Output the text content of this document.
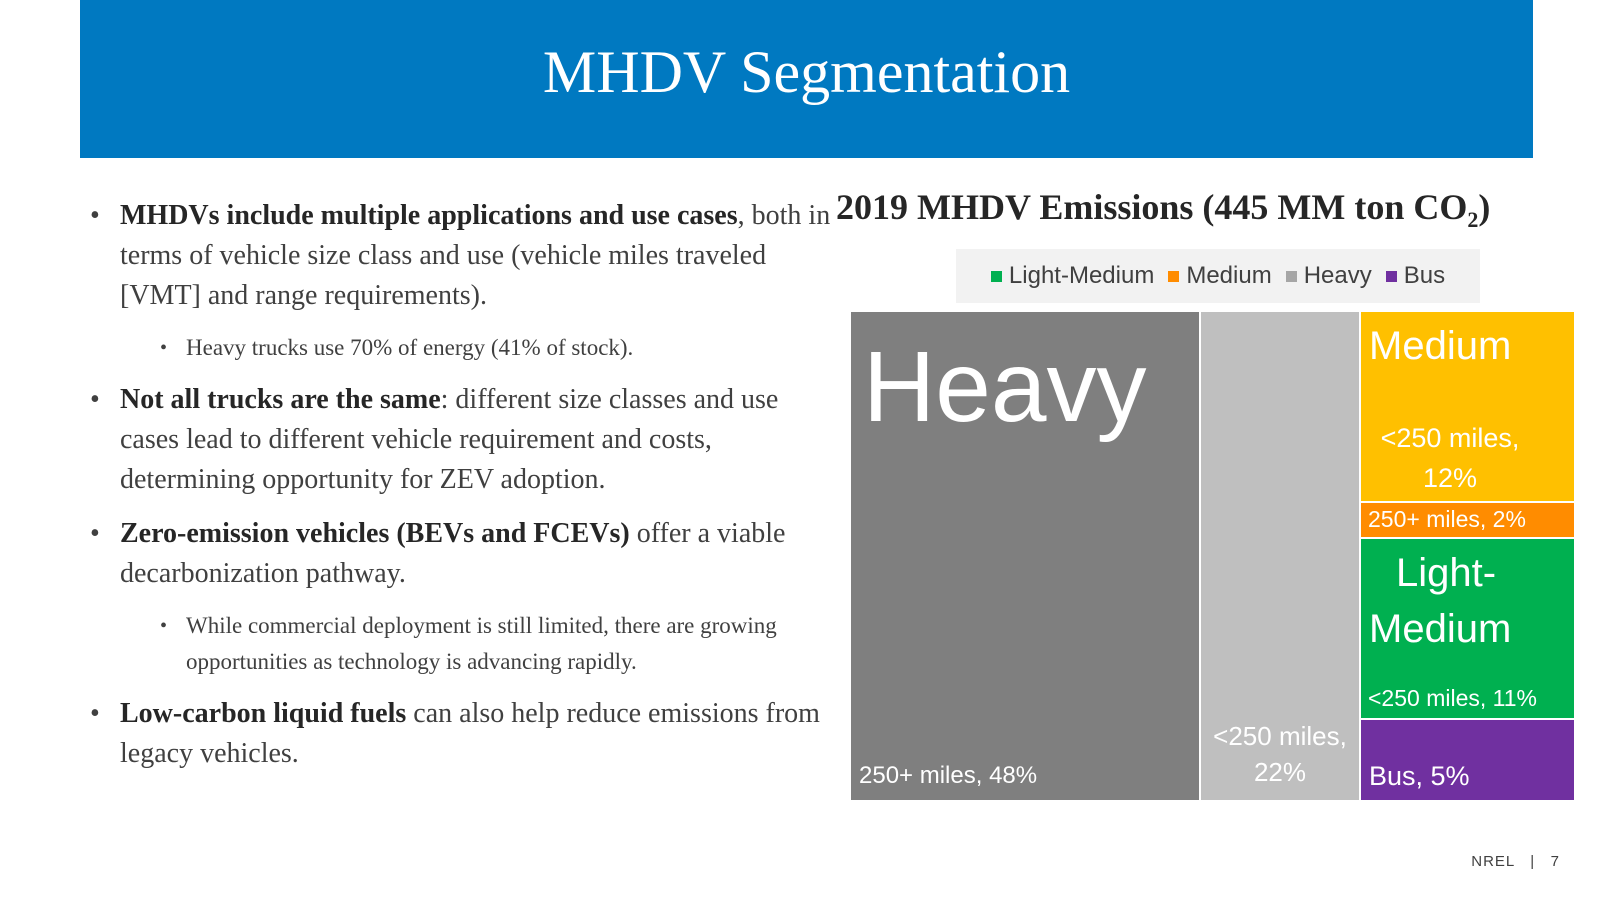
MHDV Segmentation
• MHDVs include multiple applications and use cases, both in terms of vehicle size class and use (vehicle miles traveled [VMT] and range requirements).
• Heavy trucks use 70% of energy (41% of stock).
• Not all trucks are the same: different size classes and use cases lead to different vehicle requirement and costs, determining opportunity for ZEV adoption.
• Zero-emission vehicles (BEVs and FCEVs) offer a viable decarbonization pathway.
• While commercial deployment is still limited, there are growing opportunities as technology is advancing rapidly.
• Low-carbon liquid fuels can also help reduce emissions from legacy vehicles.
2019 MHDV Emissions (445 MM ton $CO_2$)
Light-Medium Medium Heavy Bus
Heavy
250+ miles, 48%
<250 miles, 22%
Medium
<250 miles, 12%
250+ miles, 2%
Light-
Medium
<250 miles, 11%
Bus, 5%
NREL | 7
